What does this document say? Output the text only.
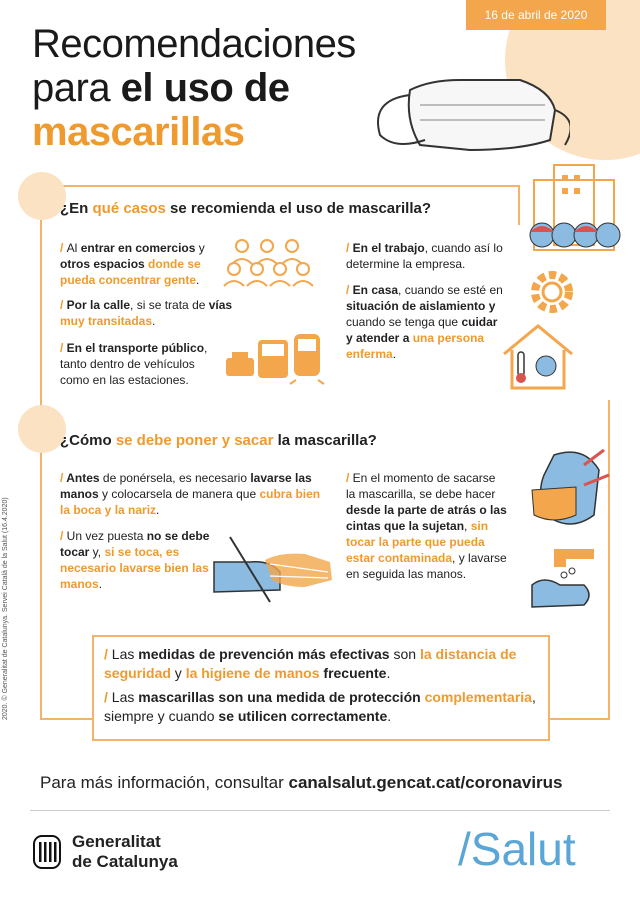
16 de abril de 2020
Recomendaciones
para el uso de
mascarillas
¿En qué casos se recomienda el uso de mascarilla?
/ Al entrar en comercios y otros espacios donde se pueda concentrar gente.
/ Por la calle, si se trata de vías muy transitadas.
/ En el transporte público, tanto dentro de vehículos como en las estaciones.
/ En el trabajo, cuando así lo determine la empresa.
/ En casa, cuando se esté en situación de aislamiento y cuando se tenga que cuidar y atender a una persona enferma.
¿Cómo se debe poner y sacar la mascarilla?
/ Antes de ponérsela, es necesario lavarse las manos y colocarsela de manera que cubra bien la boca y la nariz.
/ Un vez puesta no se debe tocar y, si se toca, es necesario lavarse bien las manos.
/ En el momento de sacarse la mascarilla, se debe hacer desde la parte de atrás o las cintas que la sujetan, sin tocar la parte que pueda estar contaminada, y lavarse en seguida las manos.

/ Las medidas de prevención más efectivas son la distancia de seguridad y la higiene de manos frecuente.

/ Las mascarillas son una medida de protección complementaria, siempre y cuando se utilicen correctamente.

Para más información, consultar canalsalut.gencat.cat/coronavirus
Generalitat
de Catalunya	/Salut
2020. © Generalitat de Catalunya. Servei Català de la Salut (16.4.2020)
